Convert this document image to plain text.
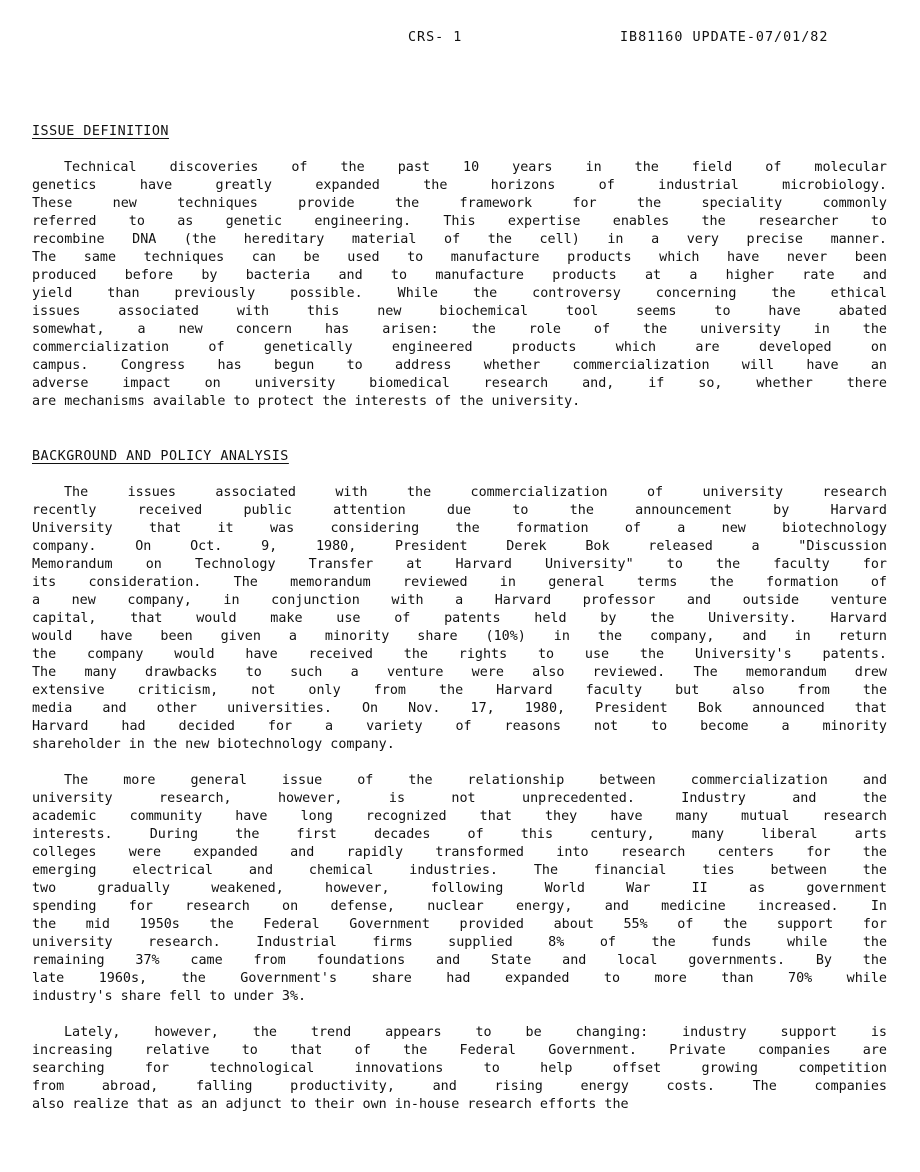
CRS- 1	IB81160 UPDATE-07/01/82
ISSUE DEFINITION
Technical discoveries of the past 10 years in the field of molecular
genetics have greatly expanded the horizons of industrial microbiology.
These new techniques provide the framework for the speciality commonly
referred to as genetic engineering. This expertise enables the researcher to
recombine DNA (the hereditary material of the cell) in a very precise manner.
The same techniques can be used to manufacture products which have never been
produced before by bacteria and to manufacture products at a higher rate and
yield than previously possible. While the controversy concerning the ethical
issues associated with this new biochemical tool seems to have abated
somewhat, a new concern has arisen: the role of the university in the
commercialization of genetically engineered products which are developed on
campus. Congress has begun to address whether commercialization will have an
adverse impact on university biomedical research and, if so, whether there
are mechanisms available to protect the interests of the university.
BACKGROUND AND POLICY ANALYSIS
The issues associated with the commercialization of university research
recently received public attention due to the announcement by Harvard
University that it was considering the formation of a new biotechnology
company. On Oct. 9, 1980, President Derek Bok released a "Discussion
Memorandum on Technology Transfer at Harvard University" to the faculty for
its consideration. The memorandum reviewed in general terms the formation of
a new company, in conjunction with a Harvard professor and outside venture
capital, that would make use of patents held by the University. Harvard
would have been given a minority share (10%) in the company, and in return
the company would have received the rights to use the University's patents.
The many drawbacks to such a venture were also reviewed. The memorandum drew
extensive criticism, not only from the Harvard faculty but also from the
media and other universities. On Nov. 17, 1980, President Bok announced that
Harvard had decided for a variety of reasons not to become a minority
shareholder in the new biotechnology company.
The more general issue of the relationship between commercialization and
university research, however, is not unprecedented. Industry and the
academic community have long recognized that they have many mutual research
interests. During the first decades of this century, many liberal arts
colleges were expanded and rapidly transformed into research centers for the
emerging electrical and chemical industries. The financial ties between the
two gradually weakened, however, following World War II as government
spending for research on defense, nuclear energy, and medicine increased. In
the mid 1950s the Federal Government provided about 55% of the support for
university research. Industrial firms supplied 8% of the funds while the
remaining 37% came from foundations and State and local governments. By the
late 1960s, the Government's share had expanded to more than 70% while
industry's share fell to under 3%.
Lately, however, the trend appears to be changing: industry support is
increasing relative to that of the Federal Government. Private companies are
searching for technological innovations to help offset growing competition
from abroad, falling productivity, and rising energy costs. The companies
also realize that as an adjunct to their own in-house research efforts the
